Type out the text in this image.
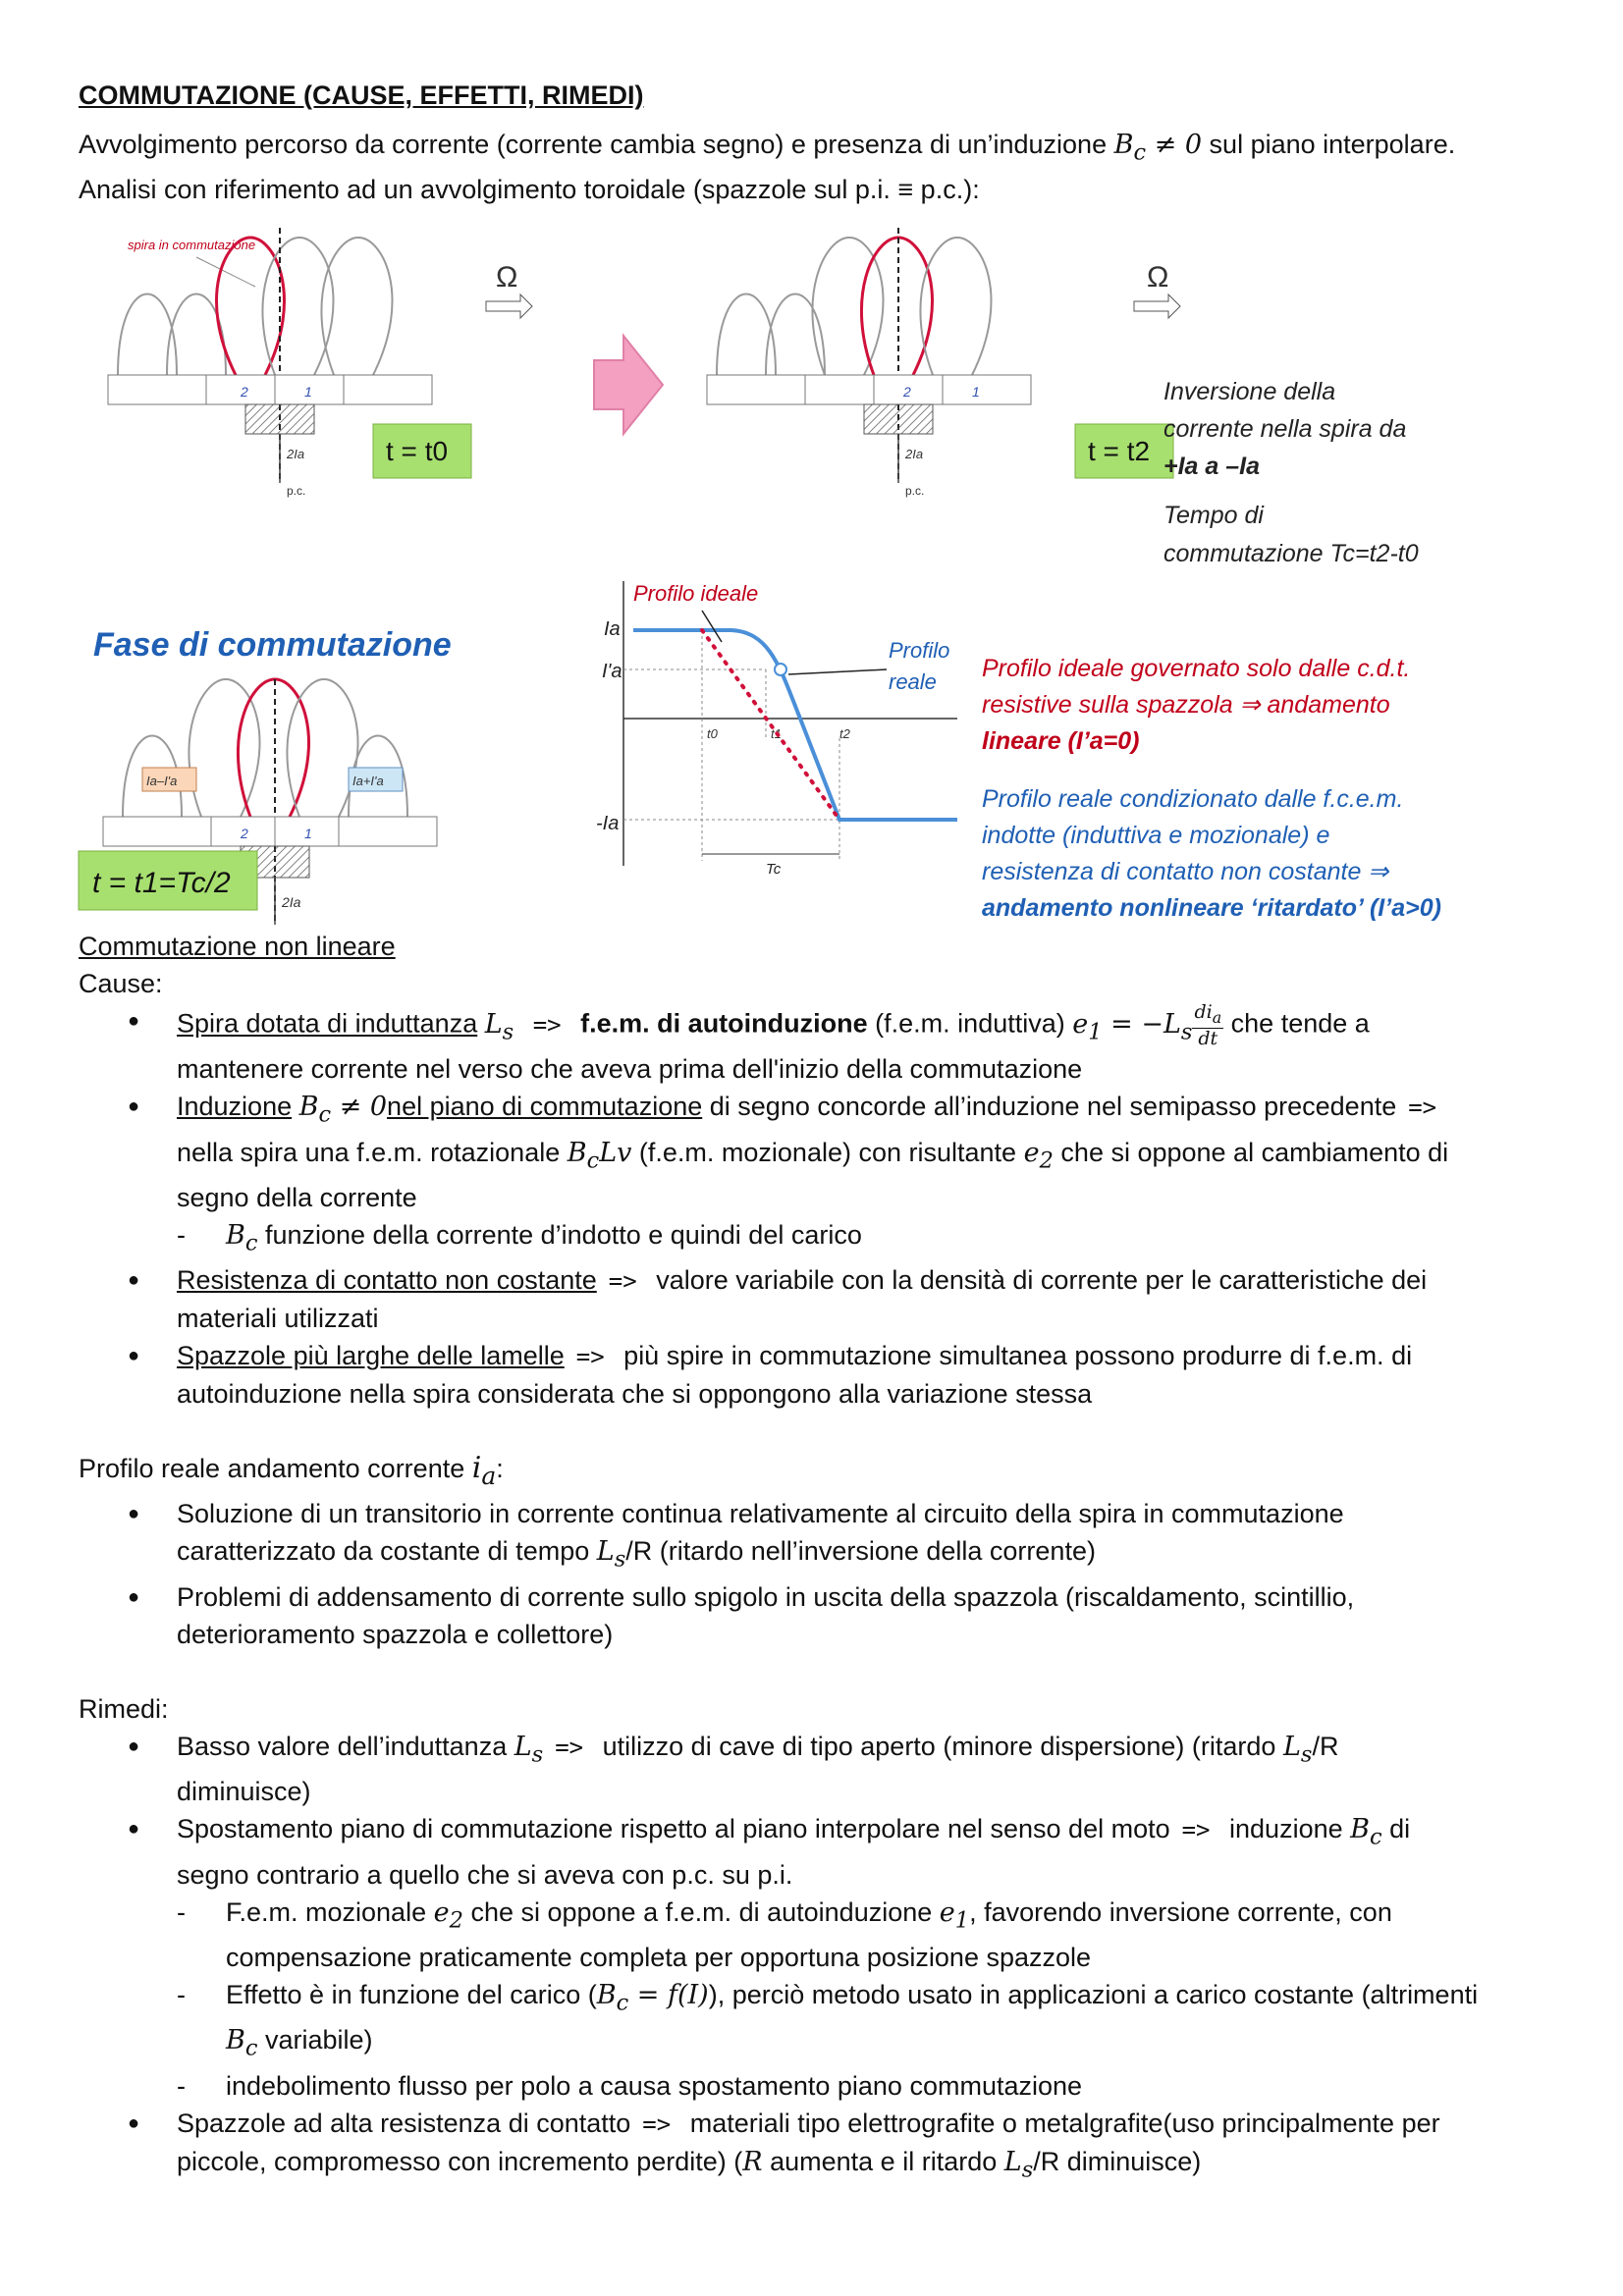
COMMUTAZIONE (CAUSE, EFFETTI, RIMEDI)

Avvolgimento percorso da corrente (corrente cambia segno) e presenza di un’induzione $B_c \ne 0$ sul piano interpolare.

Analisi con riferimento ad un avvolgimento toroidale (spazzole sul p.i. ≡ p.c.):

spira in commutazione
2	1
2Ia
p.c.
Ω
t = t0
2	1
2Ia
p.c.
Ω
t = t2
Inversione della
corrente nella spira da
+Ia a –Ia
Tempo di
commutazione Tc=t2-t0
Fase di commutazione
Ia–I'a	Ia+I'a
2	1
2Ia
t = t1=Tc/2
Ia
I'a
-Ia
Tc
t0	t1	t2
Profilo ideale
Profilo
reale Profilo ideale governato solo dalle c.d.t.
resistive sulla spazzola ⇒ andamento
lineare (I’a=0)
Profilo reale condizionato dalle f.c.e.m.
indotte (induttiva e mozionale) e
resistenza di contatto non costante ⇒
andamento nonlineare ‘ritardato’ (I’a>0)

Commutazione non lineare

Cause:

● Spira dotata di induttanza $L_s => f.e.m$. di autoinduzione (f.e.m. induttiva) $e_1 = -L_s \frac{di_a}{dt}$ che tende a
mantenere corrente nel verso che aveva prima dell'inizio della commutazione
● Induzione $B_c \ne 0nel$ piano di commutazione di segno concorde all’induzione nel semipasso precedente =>
nella spira una f.e.m. rotazionale $B_cLv$ (f.e.m. mozionale) con risultante $e_2$ che si oppone al cambiamento di
segno della corrente
- $B_c$ funzione della corrente d’indotto e quindi del carico
● Resistenza di contatto non costante => valore variabile con la densità di corrente per le caratteristiche dei
materiali utilizzati
● Spazzole più larghe delle lamelle => più spire in commutazione simultanea possono produrre di f.e.m. di
autoinduzione nella spira considerata che si oppongono alla variazione stessa

Profilo reale andamento corrente $i_a$:

● Soluzione di un transitorio in corrente continua relativamente al circuito della spira in commutazione
caratterizzato da costante di tempo $L_s/R$ (ritardo nell’inversione della corrente)
● Problemi di addensamento di corrente sullo spigolo in uscita della spazzola (riscaldamento, scintillio,
deterioramento spazzola e collettore)

Rimedi:

● Basso valore dell’induttanza $L_s$ => utilizzo di cave di tipo aperto (minore dispersione) (ritardo $L_s/R$
diminuisce)
● Spostamento piano di commutazione rispetto al piano interpolare nel senso del moto => induzione $B_c$ di
segno contrario a quello che si aveva con p.c. su p.i.
- F.e.m. mozionale $e_2$ che si oppone a f.e.m. di autoinduzione $e_1$, favorendo inversione corrente, con
compensazione praticamente completa per opportuna posizione spazzole
- Effetto è in funzione del carico $(B_c = f(I))$, perciò metodo usato in applicazioni a carico costante (altrimenti
$B_c$ variabile)
- indebolimento flusso per polo a causa spostamento piano commutazione
● Spazzole ad alta resistenza di contatto => materiali tipo elettrografite o metalgrafite(uso principalmente per
piccole, compromesso con incremento perdite) (R aumenta e il ritardo $L_s/R$ diminuisce)
